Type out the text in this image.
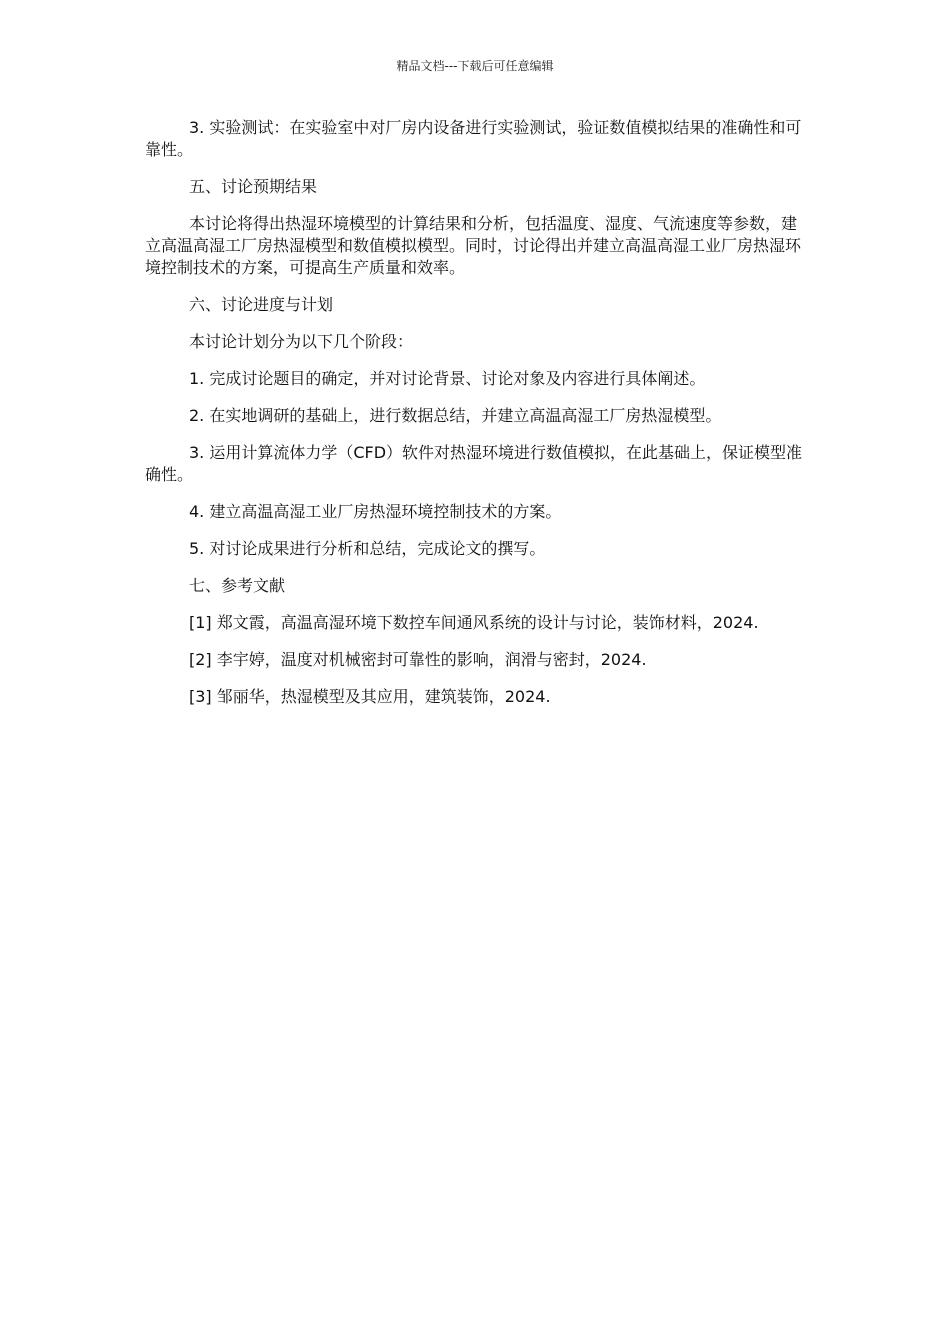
精品文档---下载后可任意编辑

3. 实验测试：在实验室中对厂房内设备进行实验测试，验证数值模拟结果的准确性和可靠性。

五、讨论预期结果

本讨论将得出热湿环境模型的计算结果和分析，包括温度、湿度、气流速度等参数，建立高温高湿工厂房热湿模型和数值模拟模型。同时，讨论得出并建立高温高湿工业厂房热湿环境控制技术的方案，可提高生产质量和效率。

六、讨论进度与计划

本讨论计划分为以下几个阶段：

1. 完成讨论题目的确定，并对讨论背景、讨论对象及内容进行具体阐述。

2. 在实地调研的基础上，进行数据总结，并建立高温高湿工厂房热湿模型。

3. 运用计算流体力学（CFD）软件对热湿环境进行数值模拟，在此基础上，保证模型准确性。

4. 建立高温高湿工业厂房热湿环境控制技术的方案。

5. 对讨论成果进行分析和总结，完成论文的撰写。

七、参考文献

[1] 郑文霞，高温高湿环境下数控车间通风系统的设计与讨论，装饰材料，2024.

[2] 李宇婷，温度对机械密封可靠性的影响，润滑与密封，2024.

[3] 邹丽华，热湿模型及其应用，建筑装饰，2024.
